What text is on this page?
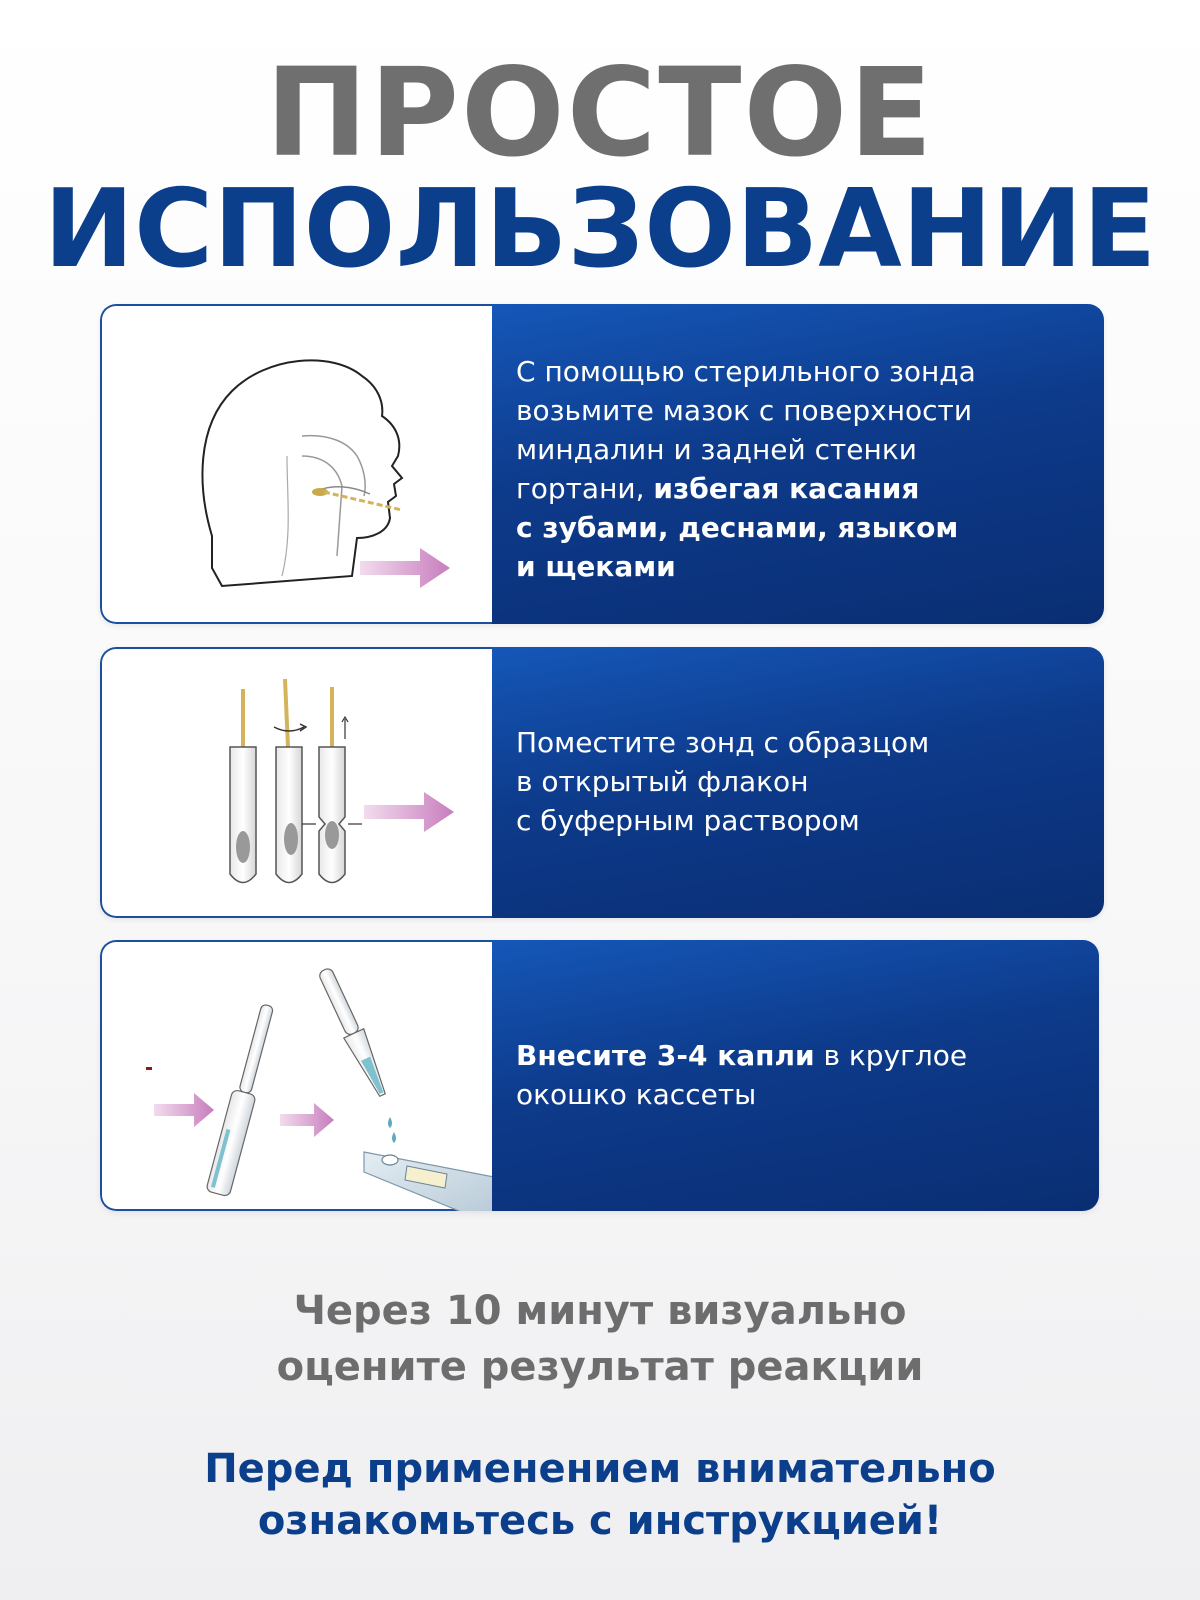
ПРОСТОЕ
ИСПОЛЬЗОВАНИЕ
С помощью стерильного зонда
возьмите мазок с поверхности
миндалин и задней стенки
гортани, избегая касания
с зубами, деснами, языком
и щеками
Поместите зонд с образцом
в открытый флакон
с буферным раствором
Внесите 3-4 капли в круглое
окошко кассеты
Через 10 минут визуально
оцените результат реакции
Перед применением внимательно
ознакомьтесь с инструкцией!
